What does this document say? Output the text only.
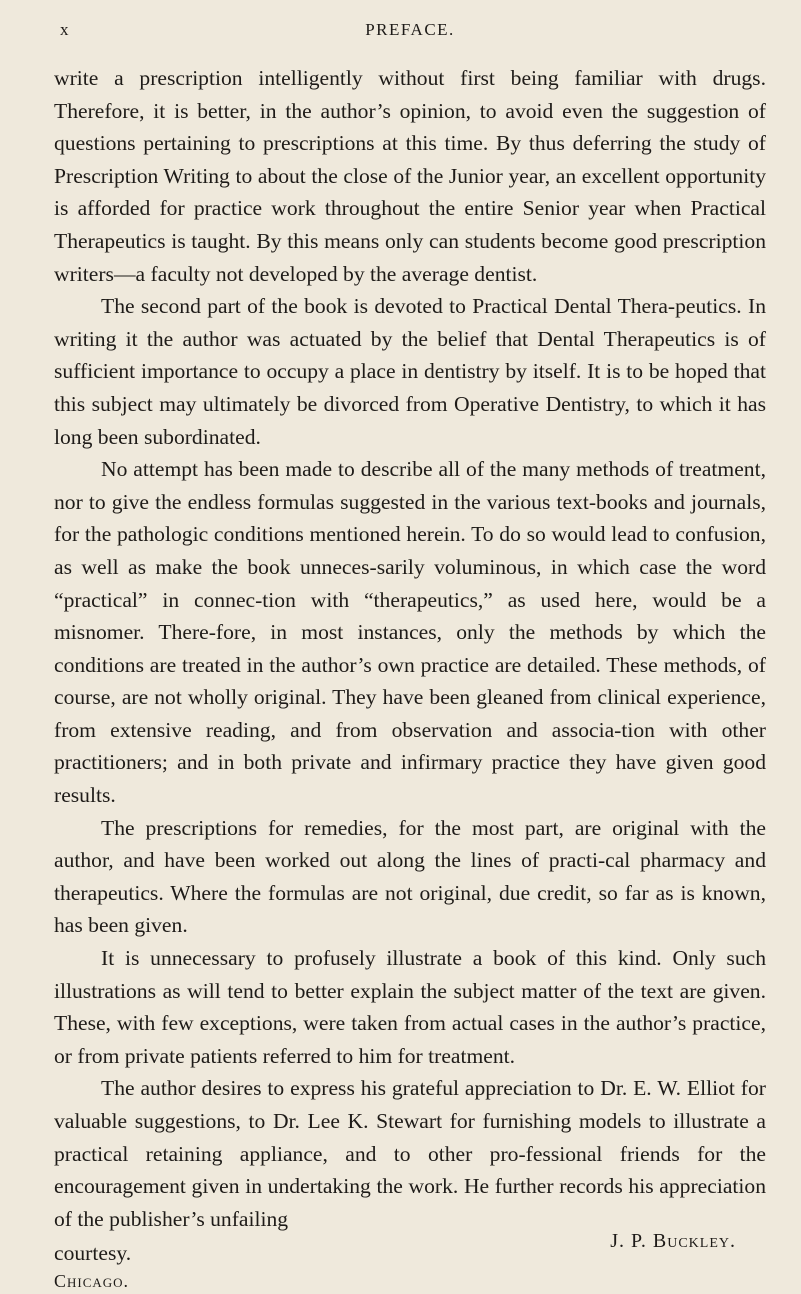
x	PREFACE.

write a prescription intelligently without first being familiar with drugs. Therefore, it is better, in the author’s opinion, to avoid even the suggestion of questions pertaining to prescriptions at this time. By thus deferring the study of Prescription Writing to about the close of the Junior year, an excellent opportunity is afforded for practice work throughout the entire Senior year when Practical Therapeutics is taught. By this means only can students become good prescription writers—a faculty not developed by the average dentist.

The second part of the book is devoted to Practical Dental Thera-peutics. In writing it the author was actuated by the belief that Dental Therapeutics is of sufficient importance to occupy a place in dentistry by itself. It is to be hoped that this subject may ultimately be divorced from Operative Dentistry, to which it has long been subordinated.

No attempt has been made to describe all of the many methods of treatment, nor to give the endless formulas suggested in the various text-books and journals, for the pathologic conditions mentioned herein. To do so would lead to confusion, as well as make the book unneces-sarily voluminous, in which case the word “practical” in connec-tion with “therapeutics,” as used here, would be a misnomer. There-fore, in most instances, only the methods by which the conditions are treated in the author’s own practice are detailed. These methods, of course, are not wholly original. They have been gleaned from clinical experience, from extensive reading, and from observation and associa-tion with other practitioners; and in both private and infirmary practice they have given good results.

The prescriptions for remedies, for the most part, are original with the author, and have been worked out along the lines of practi-cal pharmacy and therapeutics. Where the formulas are not original, due credit, so far as is known, has been given.

It is unnecessary to profusely illustrate a book of this kind. Only such illustrations as will tend to better explain the subject matter of the text are given. These, with few exceptions, were taken from actual cases in the author’s practice, or from private patients referred to him for treatment.

The author desires to express his grateful appreciation to Dr. E. W. Elliot for valuable suggestions, to Dr. Lee K. Stewart for furnishing models to illustrate a practical retaining appliance, and to other pro-fessional friends for the encouragement given in undertaking the work. He further records his appreciation of the publisher’s unfailing

courtesy.	J. P. Buckley.
Chicago.
